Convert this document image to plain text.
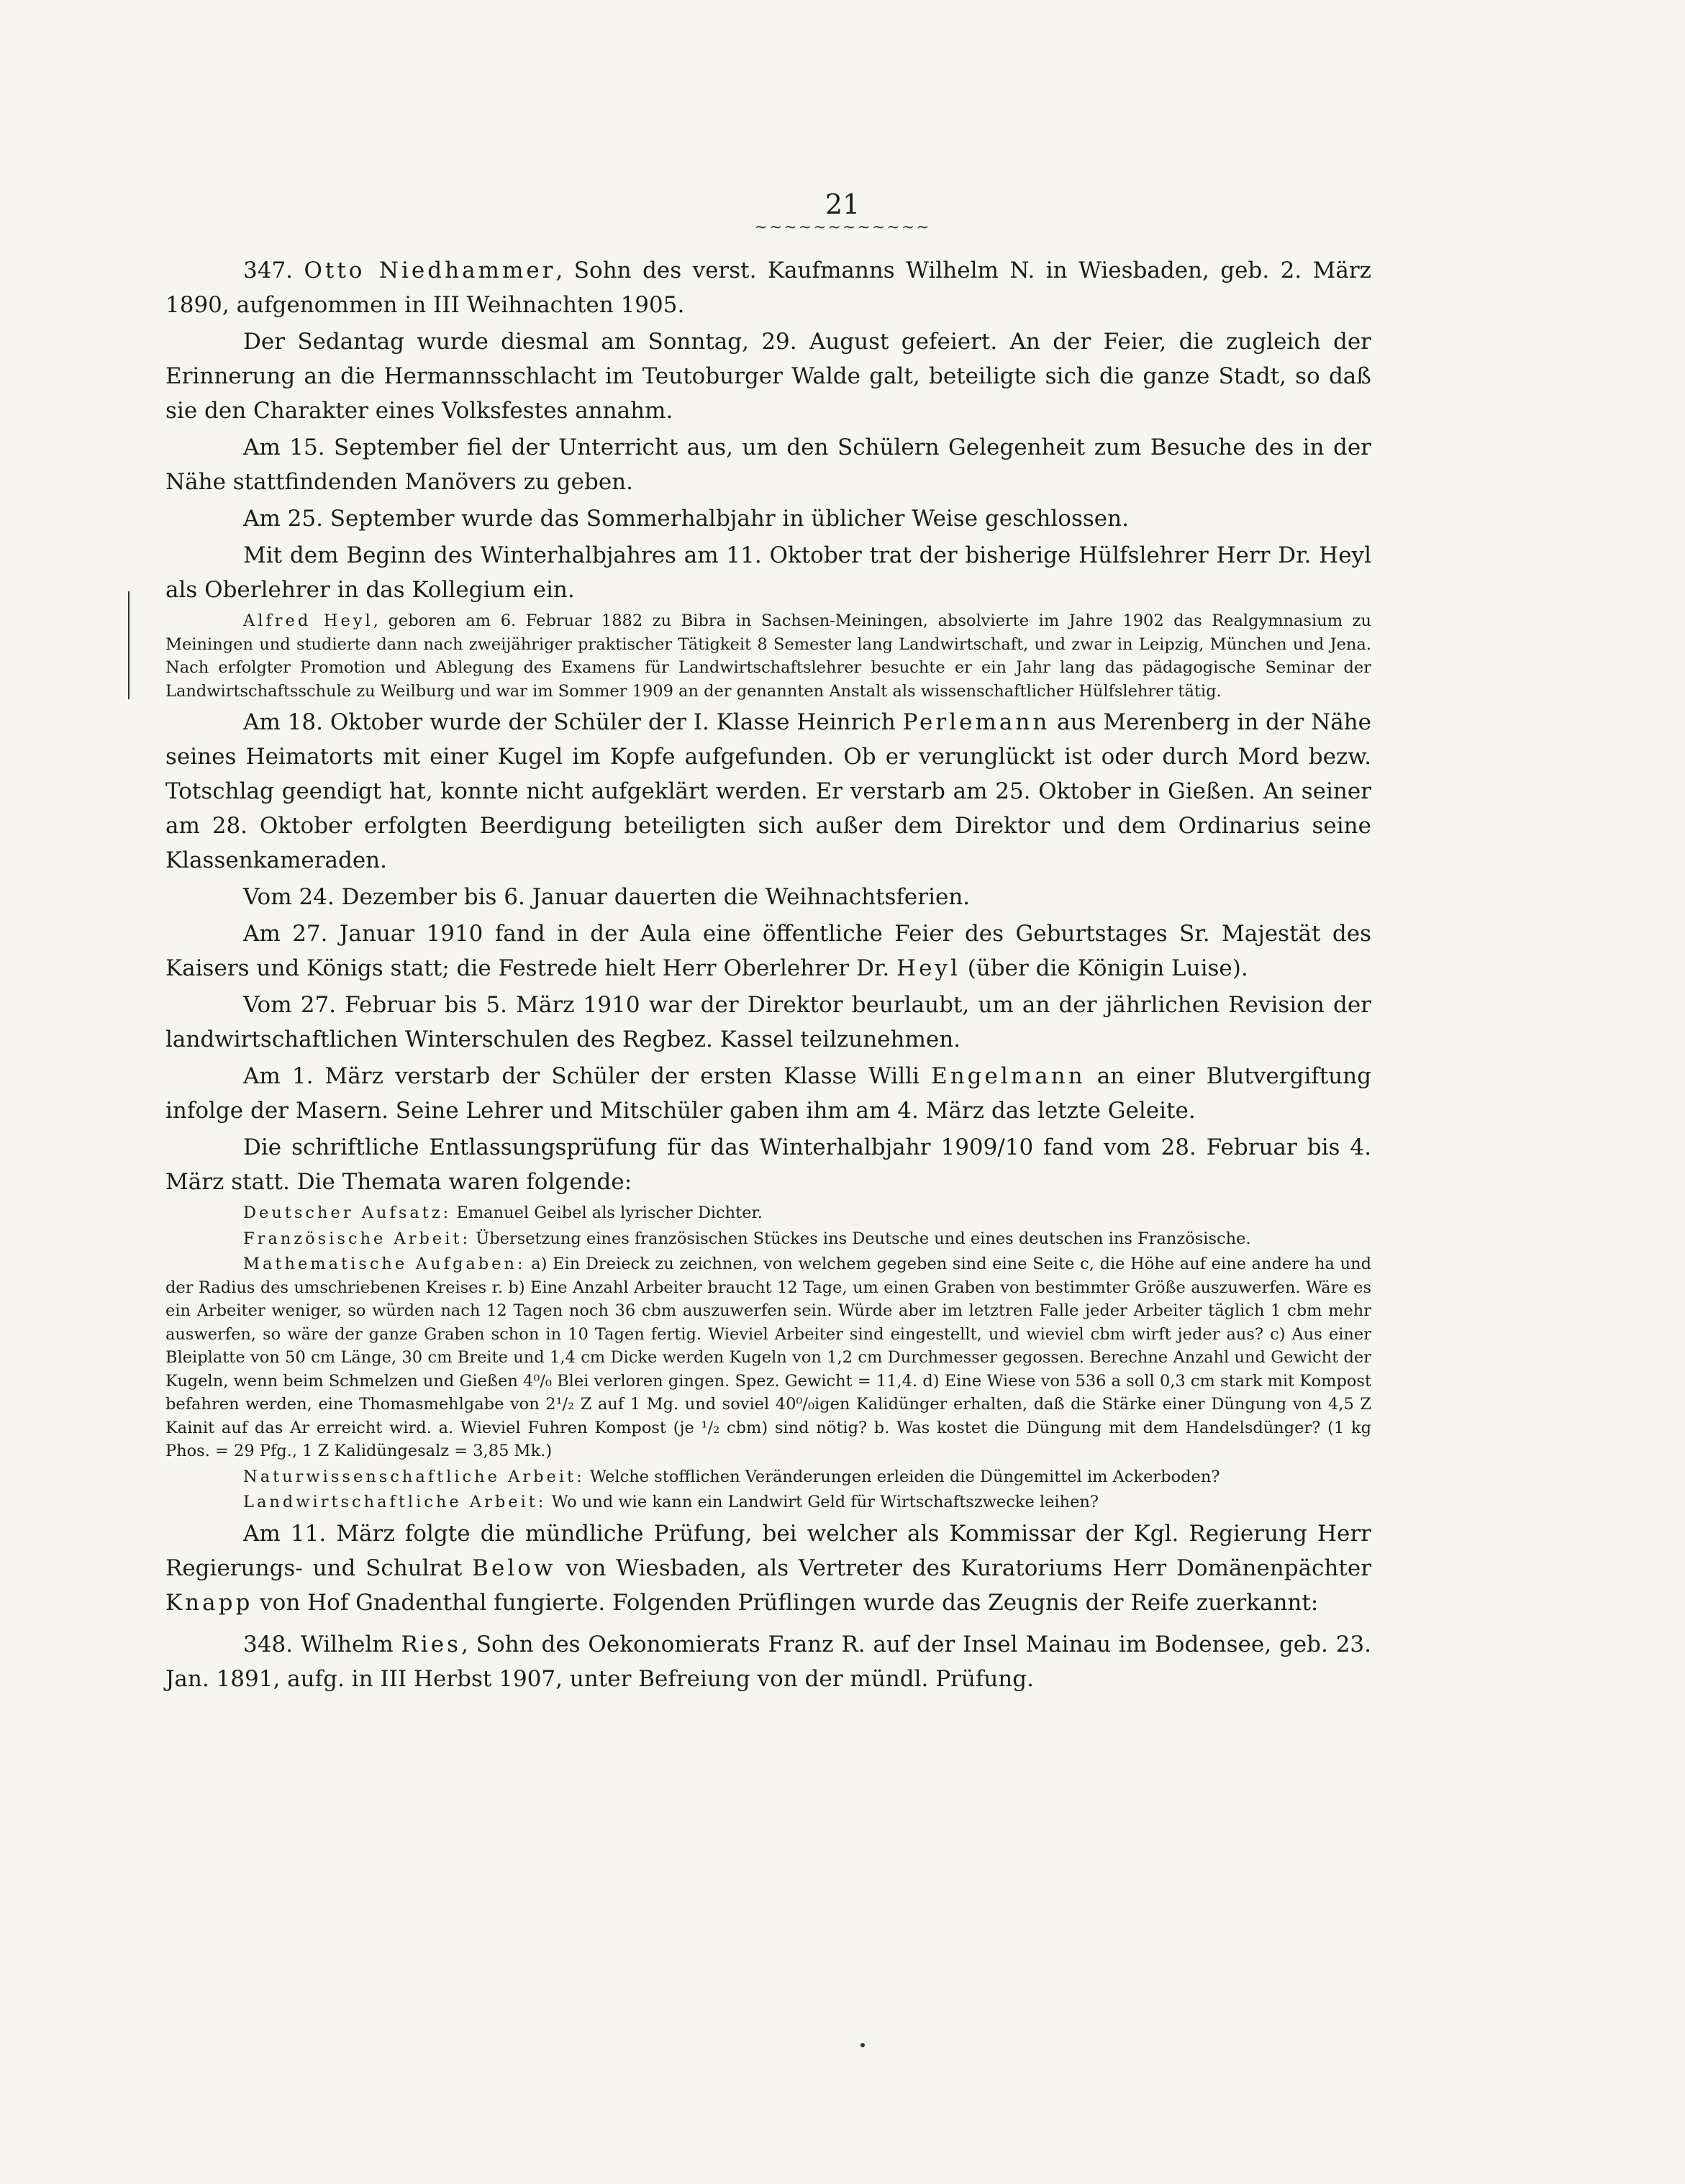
21
~~~~~~~~~~~~

347. Otto Niedhammer, Sohn des verst. Kaufmanns Wilhelm N. in Wiesbaden, geb. 2. März 1890, aufgenommen in III Weihnachten 1905.

Der Sedantag wurde diesmal am Sonntag, 29. August gefeiert. An der Feier, die zugleich der Erinnerung an die Hermannsschlacht im Teutoburger Walde galt, beteiligte sich die ganze Stadt, so daß sie den Charakter eines Volksfestes annahm.

Am 15. September fiel der Unterricht aus, um den Schülern Gelegenheit zum Besuche des in der Nähe stattfindenden Manövers zu geben.

Am 25. September wurde das Sommerhalbjahr in üblicher Weise geschlossen.

Mit dem Beginn des Winterhalbjahres am 11. Oktober trat der bisherige Hülfslehrer Herr Dr. Heyl als Oberlehrer in das Kollegium ein.

Alfred Heyl, geboren am 6. Februar 1882 zu Bibra in Sachsen-Meiningen, absolvierte im Jahre 1902 das Realgymnasium zu Meiningen und studierte dann nach zweijähriger praktischer Tätigkeit 8 Semester lang Landwirtschaft, und zwar in Leipzig, München und Jena. Nach erfolgter Promotion und Ablegung des Examens für Landwirtschaftslehrer besuchte er ein Jahr lang das pädagogische Seminar der Landwirtschaftsschule zu Weilburg und war im Sommer 1909 an der genannten Anstalt als wissenschaftlicher Hülfslehrer tätig.

Am 18. Oktober wurde der Schüler der I. Klasse Heinrich Perlemann aus Merenberg in der Nähe seines Heimatorts mit einer Kugel im Kopfe aufgefunden. Ob er verunglückt ist oder durch Mord bezw. Totschlag geendigt hat, konnte nicht aufgeklärt werden. Er verstarb am 25. Oktober in Gießen. An seiner am 28. Oktober erfolgten Beerdigung beteiligten sich außer dem Direktor und dem Ordinarius seine Klassenkameraden.

Vom 24. Dezember bis 6. Januar dauerten die Weihnachtsferien.

Am 27. Januar 1910 fand in der Aula eine öffentliche Feier des Geburtstages Sr. Majestät des Kaisers und Königs statt; die Festrede hielt Herr Oberlehrer Dr. Heyl (über die Königin Luise).

Vom 27. Februar bis 5. März 1910 war der Direktor beurlaubt, um an der jährlichen Revision der landwirtschaftlichen Winterschulen des Regbez. Kassel teilzunehmen.

Am 1. März verstarb der Schüler der ersten Klasse Willi Engelmann an einer Blutvergiftung infolge der Masern. Seine Lehrer und Mitschüler gaben ihm am 4. März das letzte Geleite.

Die schriftliche Entlassungsprüfung für das Winterhalbjahr 1909/10 fand vom 28. Februar bis 4. März statt. Die Themata waren folgende:

Deutscher Aufsatz: Emanuel Geibel als lyrischer Dichter.

Französische Arbeit: Übersetzung eines französischen Stückes ins Deutsche und eines deutschen ins Französische.

Mathematische Aufgaben: a) Ein Dreieck zu zeichnen, von welchem gegeben sind eine Seite c, die Höhe auf eine andere ha und der Radius des umschriebenen Kreises r. b) Eine Anzahl Arbeiter braucht 12 Tage, um einen Graben von bestimmter Größe auszuwerfen. Wäre es ein Arbeiter weniger, so würden nach 12 Tagen noch 36 cbm auszuwerfen sein. Würde aber im letztren Falle jeder Arbeiter täglich 1 cbm mehr auswerfen, so wäre der ganze Graben schon in 10 Tagen fertig. Wieviel Arbeiter sind eingestellt, und wieviel cbm wirft jeder aus? c) Aus einer Bleiplatte von 50 cm Länge, 30 cm Breite und 1,4 cm Dicke werden Kugeln von 1,2 cm Durchmesser gegossen. Berechne Anzahl und Gewicht der Kugeln, wenn beim Schmelzen und Gießen 4⁰/₀ Blei verloren gingen. Spez. Gewicht = 11,4. d) Eine Wiese von 536 a soll 0,3 cm stark mit Kompost befahren werden, eine Thomasmehlgabe von 2¹/₂ Z auf 1 Mg. und soviel 40⁰/₀igen Kalidünger erhalten, daß die Stärke einer Düngung von 4,5 Z Kainit auf das Ar erreicht wird. a. Wieviel Fuhren Kompost (je ¹/₂ cbm) sind nötig? b. Was kostet die Düngung mit dem Handelsdünger? (1 kg Phos. = 29 Pfg., 1 Z Kalidüngesalz = 3,85 Mk.)

Naturwissenschaftliche Arbeit: Welche stofflichen Veränderungen erleiden die Düngemittel im Ackerboden?

Landwirtschaftliche Arbeit: Wo und wie kann ein Landwirt Geld für Wirtschaftszwecke leihen?

Am 11. März folgte die mündliche Prüfung, bei welcher als Kommissar der Kgl. Regierung Herr Regierungs- und Schulrat Below von Wiesbaden, als Vertreter des Kuratoriums Herr Domänenpächter Knapp von Hof Gnadenthal fungierte. Folgenden Prüflingen wurde das Zeugnis der Reife zuerkannt:

348. Wilhelm Ries, Sohn des Oekonomierats Franz R. auf der Insel Mainau im Bodensee, geb. 23. Jan. 1891, aufg. in III Herbst 1907, unter Befreiung von der mündl. Prüfung.
